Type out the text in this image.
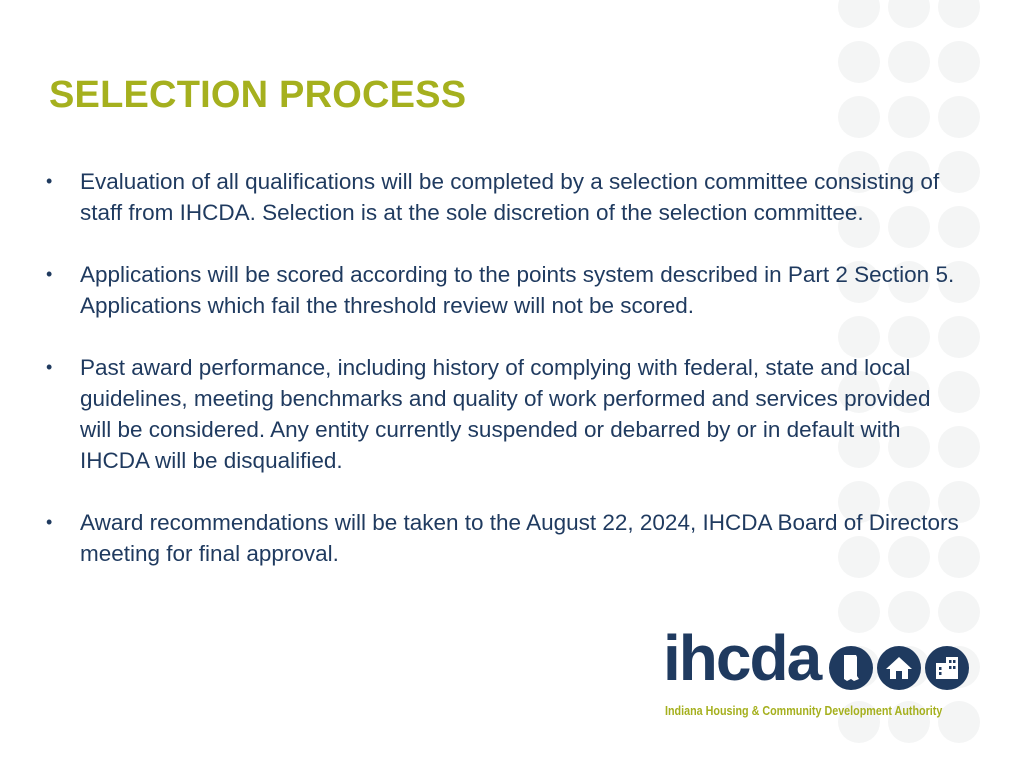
SELECTION PROCESS
• Evaluation of all qualifications will be completed by a selection committee consisting of staff from IHCDA. Selection is at the sole discretion of the selection committee.
• Applications will be scored according to the points system described in Part 2 Section 5. Applications which fail the threshold review will not be scored.
• Past award performance, including history of complying with federal, state and local guidelines, meeting benchmarks and quality of work performed and services provided will be considered. Any entity currently suspended or debarred by or in default with IHCDA will be disqualified.
• Award recommendations will be taken to the August 22, 2024, IHCDA Board of Directors meeting for final approval.
ihcda
Indiana Housing & Community Development Authority
